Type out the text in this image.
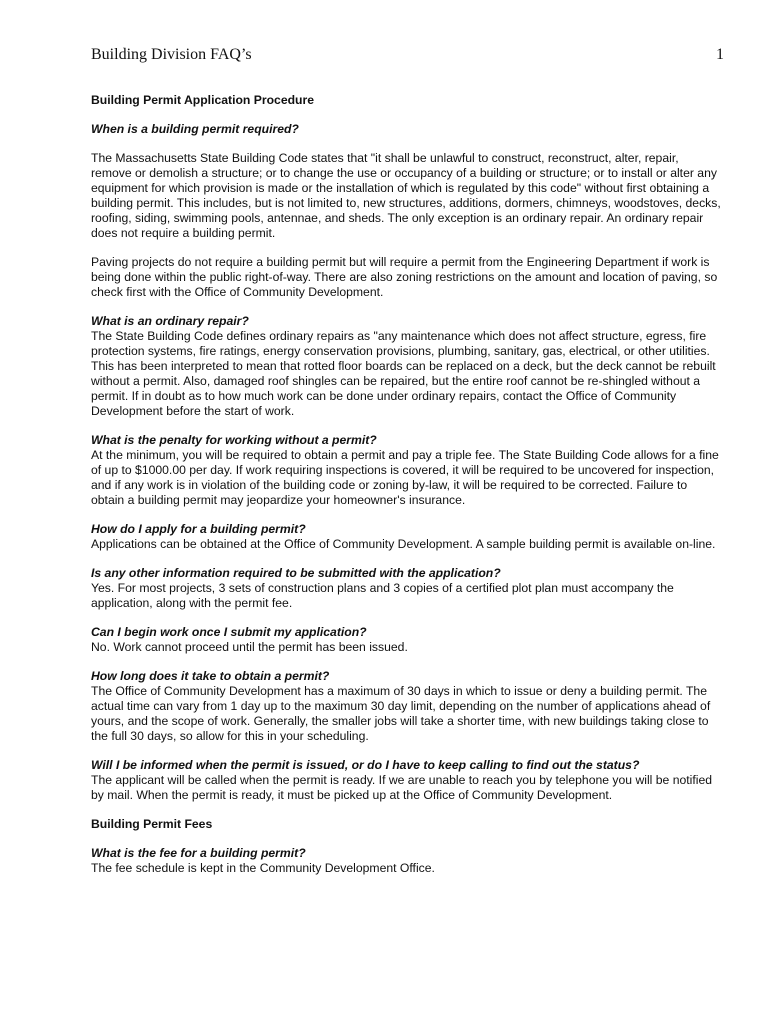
Building Division FAQ’s	1

Building Permit Application Procedure

When is a building permit required?

The Massachusetts State Building Code states that "it shall be unlawful to construct, reconstruct, alter, repair, remove or demolish a structure; or to change the use or occupancy of a building or structure; or to install or alter any equipment for which provision is made or the installation of which is regulated by this code" without first obtaining a building permit. This includes, but is not limited to, new structures, additions, dormers, chimneys, woodstoves, decks, roofing, siding, swimming pools, antennae, and sheds. The only exception is an ordinary repair. An ordinary repair does not require a building permit.

Paving projects do not require a building permit but will require a permit from the Engineering Department if work is being done within the public right-of-way. There are also zoning restrictions on the amount and location of paving, so check first with the Office of Community Development.

What is an ordinary repair?

The State Building Code defines ordinary repairs as "any maintenance which does not affect structure, egress, fire protection systems, fire ratings, energy conservation provisions, plumbing, sanitary, gas, electrical, or other utilities. This has been interpreted to mean that rotted floor boards can be replaced on a deck, but the deck cannot be rebuilt without a permit. Also, damaged roof shingles can be repaired, but the entire roof cannot be re-shingled without a permit. If in doubt as to how much work can be done under ordinary repairs, contact the Office of Community Development before the start of work.

What is the penalty for working without a permit?

At the minimum, you will be required to obtain a permit and pay a triple fee. The State Building Code allows for a fine of up to $1000.00 per day. If work requiring inspections is covered, it will be required to be uncovered for inspection, and if any work is in violation of the building code or zoning by-law, it will be required to be corrected. Failure to obtain a building permit may jeopardize your homeowner's insurance.

How do I apply for a building permit?

Applications can be obtained at the Office of Community Development. A sample building permit is available on-line.

Is any other information required to be submitted with the application?

Yes. For most projects, 3 sets of construction plans and 3 copies of a certified plot plan must accompany the application, along with the permit fee.

Can I begin work once I submit my application?

No. Work cannot proceed until the permit has been issued.

How long does it take to obtain a permit?

The Office of Community Development has a maximum of 30 days in which to issue or deny a building permit. The actual time can vary from 1 day up to the maximum 30 day limit, depending on the number of applications ahead of yours, and the scope of work. Generally, the smaller jobs will take a shorter time, with new buildings taking close to the full 30 days, so allow for this in your scheduling.

Will I be informed when the permit is issued, or do I have to keep calling to find out the status?

The applicant will be called when the permit is ready. If we are unable to reach you by telephone you will be notified by mail. When the permit is ready, it must be picked up at the Office of Community Development.

Building Permit Fees

What is the fee for a building permit?

The fee schedule is kept in the Community Development Office.
